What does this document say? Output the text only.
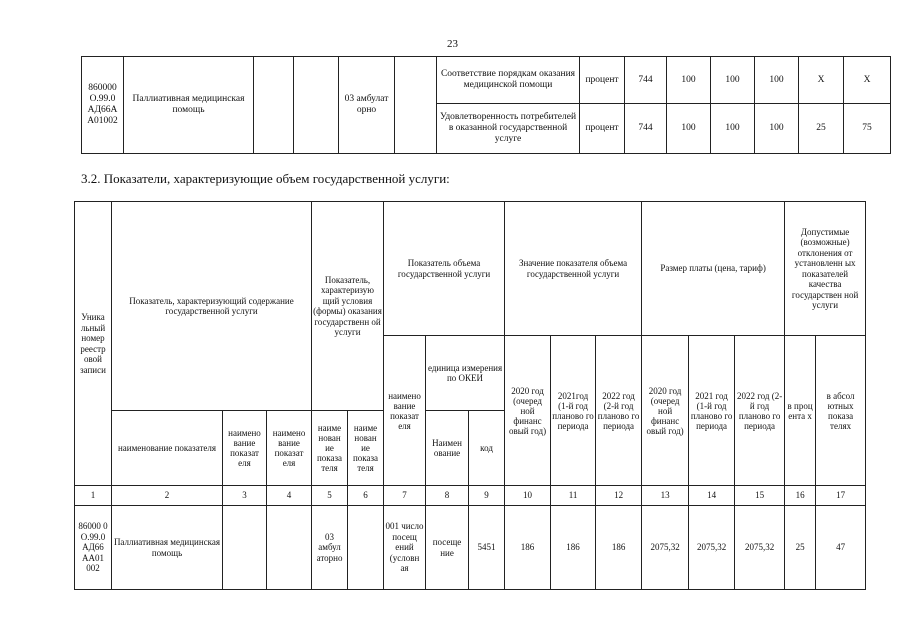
23
860000 О.99.0 АД66А А01002	Паллиативная медицинская помощь			03 амбулат орно		Соответствие порядкам оказания медицинской помощи	процент	744	100	100	100	Х	Х
						Удовлетворенность потребителей в оказанной государственной услуге	процент	744	100	100	100	25	75
3.2. Показатели, характеризующие объем государственной услуги:
Уника льный номер реестр овой записи	Показатель, характеризующий содержание государственной услуги			Показатель, характеризую щий условия (формы) оказания государственн ой услуги		Показатель объема государственной услуги			Значение показателя объема государственной услуги			Размер платы (цена, тариф)			Допустимые (возможные) отклонения от установленн ых показателей качества государствен ной услуги	
						наимено вание показат еля	единица измерения по ОКЕИ		2020 год (очеред ной финанс овый год)	2021год (1-й год планово го периода	2022 год (2-й год планово го периода	2020 год (очеред ной финанс овый год)	2021 год (1-й год планово го периода	2022 год (2-й год планово го периода	в проц ента х	в абсол ютных показа телях
	наименование показателя	наимено вание показат еля	наимено вание показат еля	наиме нован ие показа теля	наиме нован ие показа теля		Наимен ование	код								
1	2	3	4	5	6	7	8	9	10	11	12	13	14	15	16	17
86000 0 О.99.0 АД66 АА01 002	Паллиативная медицинская помощь			03 амбул аторно		001 число посещ ений (условн ая	посеще ние	5451	186	186	186	2075,32	2075,32	2075,32	25	47
